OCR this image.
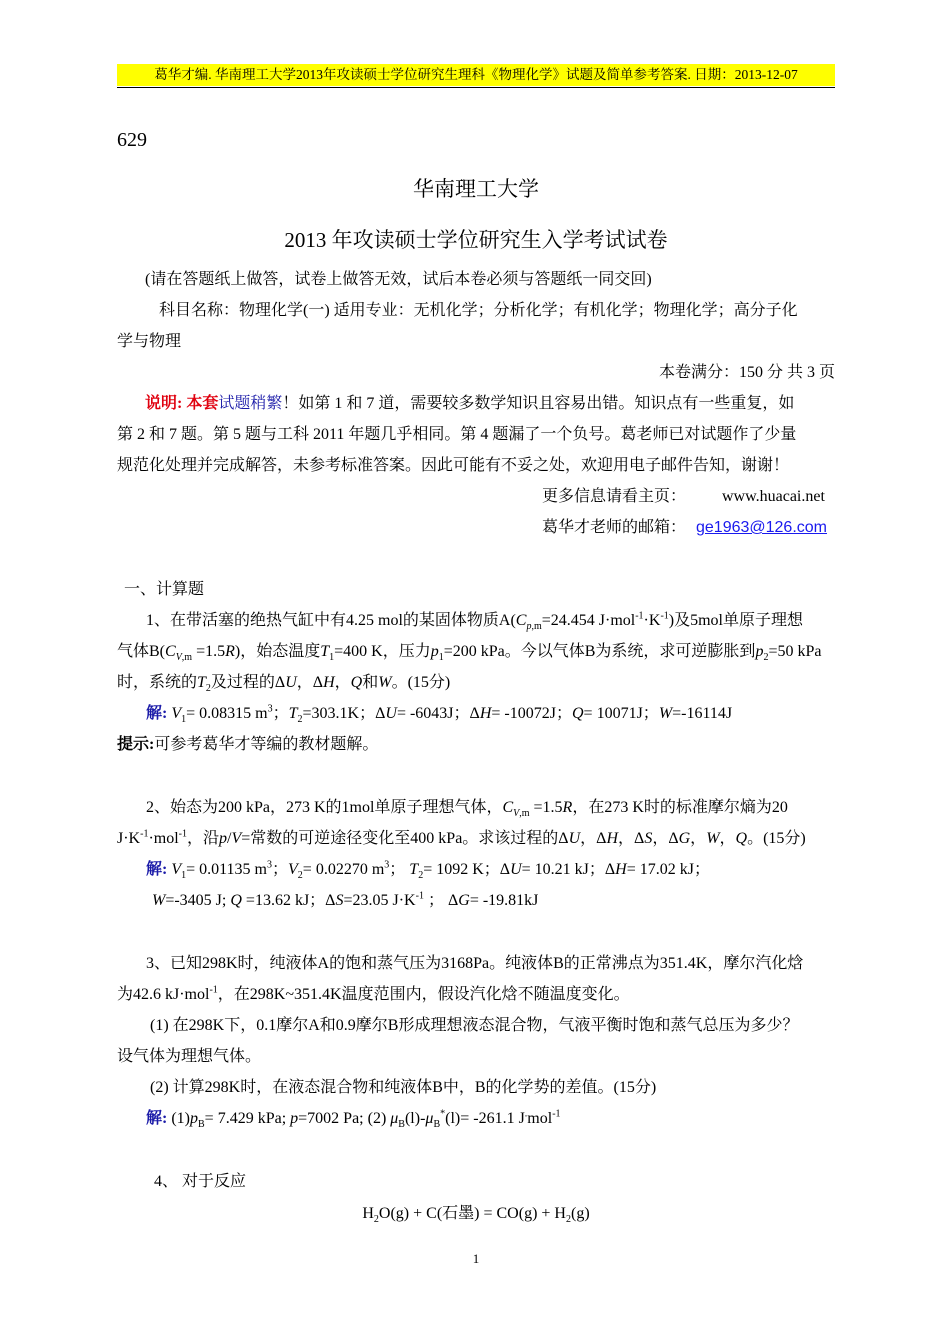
葛华才编. 华南理工大学2013年攻读硕士学位研究生理科《物理化学》试题及简单参考答案. 日期：2013-12-07
629
华南理工大学
2013 年攻读硕士学位研究生入学考试试卷
(请在答题纸上做答，试卷上做答无效，试后本卷必须与答题纸一同交回)
科目名称：物理化学(一) 适用专业：无机化学；分析化学；有机化学；物理化学；高分子化
学与物理
本卷满分：150 分 共 3 页
说明: 本套试题稍繁！如第 1 和 7 道，需要较多数学知识且容易出错。知识点有一些重复，如
第 2 和 7 题。第 5 题与工科 2011 年题几乎相同。第 4 题漏了一个负号。葛老师已对试题作了少量
规范化处理并完成解答，未参考标准答案。因此可能有不妥之处，欢迎用电子邮件告知，谢谢！
更多信息请看主页： www.huacai.net
葛华才老师的邮箱： ge1963@126.com
一、计算题
1、在带活塞的绝热气缸中有4.25 mol的某固体物质$A(C_{p,m}=24.454$ $J\cdot mol^{-1}\cdot K^{-1}$)及5mol单原子理想
气体$B(C_{V,m} =1.5R)$，始态温度$T_1=400$ K，压力$p_1=200$ kPa。今以气体B为系统，求可逆膨胀到$p_2=50$ kPa
时，系统的$T_2$及过程的ΔU，ΔH，Q和W。(15分)
解: $V_1= 0.08315$ $m^3$；$T_2=303.1K$；ΔU= -6043J；ΔH= -10072J；Q= 10071J；W=-16114J
提示:可参考葛华才等编的教材题解。
2、始态为200 kPa，273 K的1mol单原子理想气体，$C_{V,m} =1.5R$，在273 K时的标准摩尔熵为20
$J\cdot K^{-1}\cdot mol^{-1}$，沿p/V=常数的可逆途径变化至400 kPa。求该过程的ΔU，ΔH，ΔS，ΔG，W，Q。(15分)
解: $V_1= 0.01135$ $m^3$；$V_2= 0.02270$ $m^3$； $T_2= 1092$ K；ΔU= 10.21 kJ；ΔH= 17.02 kJ；
W=-3405 J; Q =13.62 kJ；ΔS=23.05 $J\cdot K^{-1}$ ； ΔG= -19.81kJ
3、已知298K时，纯液体A的饱和蒸气压为3168Pa。纯液体B的正常沸点为351.4K，摩尔汽化焓
为42.6 kJ·mol$^{-1}$，在298K~351.4K温度范围内，假设汽化焓不随温度变化。
(1) 在298K下，0.1摩尔A和0.9摩尔B形成理想液态混合物，气液平衡时饱和蒸气总压为多少？
设气体为理想气体。
(2) 计算298K时，在液态混合物和纯液体B中，B的化学势的差值。(15分)
解: $(1)p_B= 7.429$ kPa; p=7002 Pa; (2) $\mu_B(l)-\mu_B^*(l)= -261.1$ J.mol$^{-1}$
4、 对于反应
$H_2O(g) + C$(石墨) = $CO(g) + H_2(g)$
1
